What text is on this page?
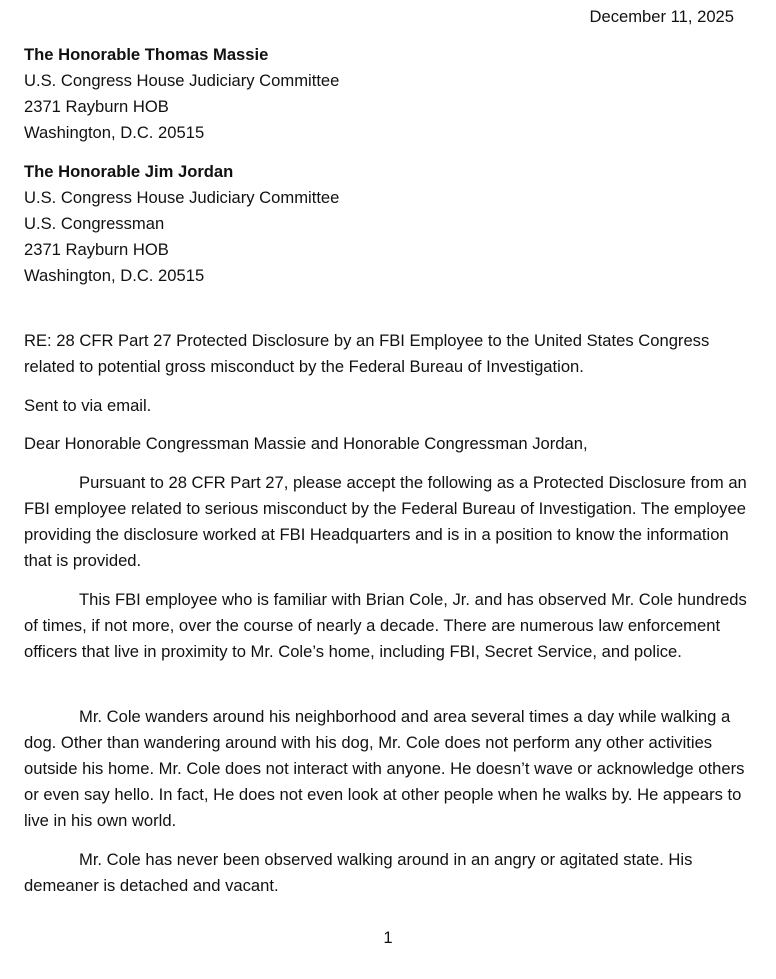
December 11, 2025
The Honorable Thomas Massie
U.S. Congress House Judiciary Committee
2371 Rayburn HOB
Washington, D.C. 20515
The Honorable Jim Jordan
U.S. Congress House Judiciary Committee
U.S. Congressman
2371 Rayburn HOB
Washington, D.C. 20515
RE: 28 CFR Part 27 Protected Disclosure by an FBI Employee to the United States Congress related to potential gross misconduct by the Federal Bureau of Investigation.
Sent to via email.
Dear Honorable Congressman Massie and Honorable Congressman Jordan,
Pursuant to 28 CFR Part 27, please accept the following as a Protected Disclosure from an FBI employee related to serious misconduct by the Federal Bureau of Investigation. The employee providing the disclosure worked at FBI Headquarters and is in a position to know the information that is provided.
This FBI employee who is familiar with Brian Cole, Jr. and has observed Mr. Cole hundreds of times, if not more, over the course of nearly a decade. There are numerous law enforcement officers that live in proximity to Mr. Cole’s home, including FBI, Secret Service, and police.
Mr. Cole wanders around his neighborhood and area several times a day while walking a dog. Other than wandering around with his dog, Mr. Cole does not perform any other activities outside his home. Mr. Cole does not interact with anyone. He doesn’t wave or acknowledge others or even say hello. In fact, He does not even look at other people when he walks by. He appears to live in his own world.
Mr. Cole has never been observed walking around in an angry or agitated state. His demeaner is detached and vacant.
1
